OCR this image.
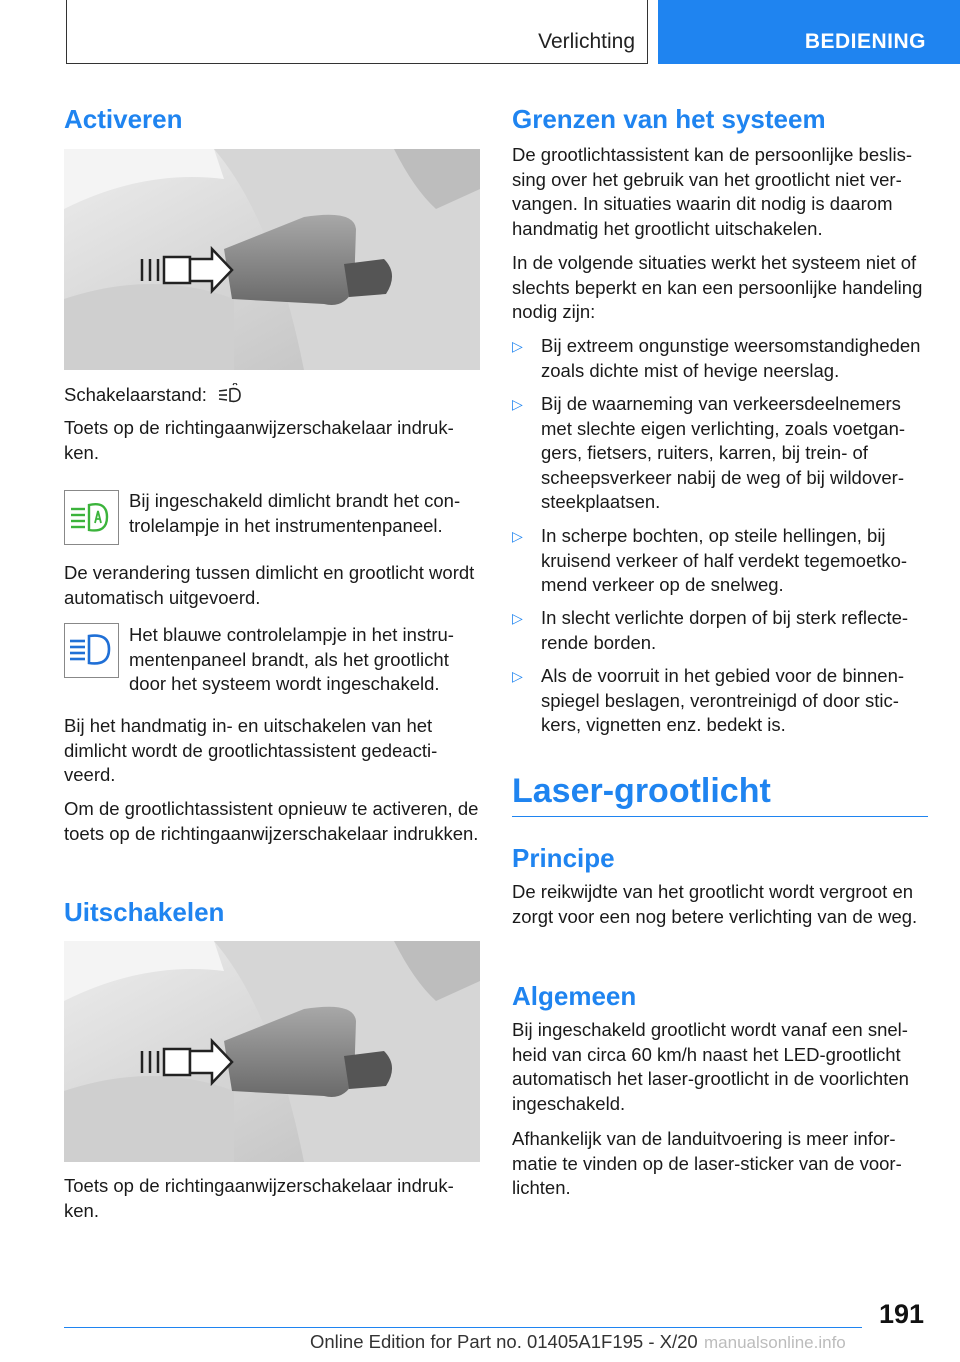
Verlichting	BEDIENING
Activeren

Schakelaarstand:

Toets op de richtingaanwijzerschakelaar indrukken.

Bij ingeschakeld dimlicht brandt het controlelampje in het instrumentenpaneel.

De verandering tussen dimlicht en grootlicht wordt automatisch uitgevoerd.

Het blauwe controlelampje in het instrumentenpaneel brandt, als het grootlicht door het systeem wordt ingeschakeld.

Bij het handmatig in- en uitschakelen van het dimlicht wordt de grootlichtassistent gedeactiveerd.

Om de grootlichtassistent opnieuw te activeren, de toets op de richtingaanwijzerschakelaar indrukken.

Uitschakelen

Toets op de richtingaanwijzerschakelaar indrukken.

Grenzen van het systeem

De grootlichtassistent kan de persoonlijke beslissing over het gebruik van het grootlicht niet vervangen. In situaties waarin dit nodig is daarom handmatig het grootlicht uitschakelen.

In de volgende situaties werkt het systeem niet of slechts beperkt en kan een persoonlijke handeling nodig zijn:

▷ Bij extreem ongunstige weersomstandigheden zoals dichte mist of hevige neerslag.

▷ Bij de waarneming van verkeersdeelnemers met slechte eigen verlichting, zoals voetgangers, fietsers, ruiters, karren, bij trein- of scheepsverkeer nabij de weg of bij wildoversteekplaatsen.

▷ In scherpe bochten, op steile hellingen, bij kruisend verkeer of half verdekt tegemoetkomend verkeer op de snelweg.

▷ In slecht verlichte dorpen of bij sterk reflecterende borden.

▷ Als de voorruit in het gebied voor de binnenspiegel beslagen, verontreinigd of door stickers, vignetten enz. bedekt is.

Laser-grootlicht
Principe

De reikwijdte van het grootlicht wordt vergroot en zorgt voor een nog betere verlichting van de weg.

Algemeen

Bij ingeschakeld grootlicht wordt vanaf een snelheid van circa 60 km/h naast het LED-grootlicht automatisch het laser-grootlicht in de voorlichten ingeschakeld.

Afhankelijk van de landuitvoering is meer informatie te vinden op de laser-sticker van de voorlichten.

191
Online Edition for Part no. 01405A1F195 - X/20 manualsonline.info
